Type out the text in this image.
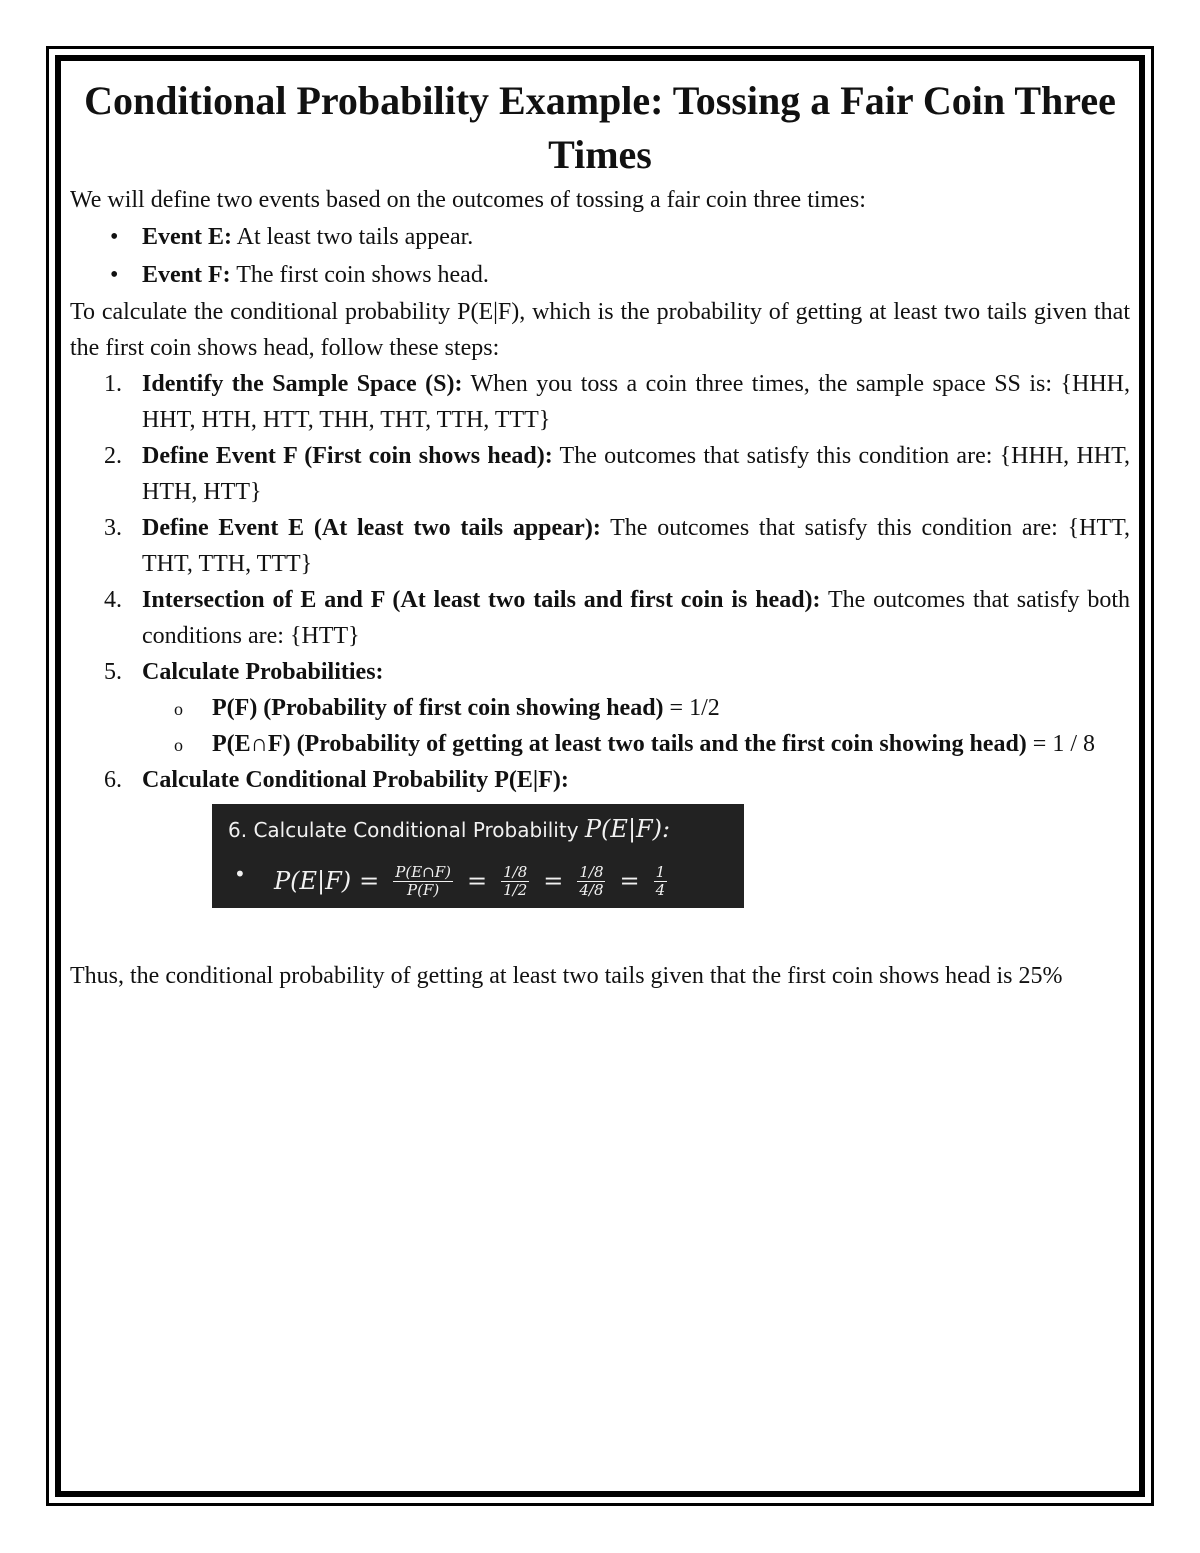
Conditional Probability Example: Tossing a Fair Coin Three Times

We will define two events based on the outcomes of tossing a fair coin three times:

• Event E: At least two tails appear.
• Event F: The first coin shows head.

To calculate the conditional probability P(E|F), which is the probability of getting at least two tails given that the first coin shows head, follow these steps:

1. Identify the Sample Space (S): When you toss a coin three times, the sample space SS is: {HHH, HHT, HTH, HTT, THH, THT, TTH, TTT}
2. Define Event F (First coin shows head): The outcomes that satisfy this condition are: {HHH, HHT, HTH, HTT}
3. Define Event E (At least two tails appear): The outcomes that satisfy this condition are: {HTT, THT, TTH, TTT}
4. Intersection of E and F (At least two tails and first coin is head): The outcomes that satisfy both conditions are: {HTT}
5. Calculate Probabilities:
o P(F) (Probability of first coin showing head) = 1/2
o P(E∩F) (Probability of getting at least two tails and the first coin showing head) = 1 / 8
6. Calculate Conditional Probability P(E|F):
6. Calculate Conditional Probability P(E|F):
• $P(E|F) = \frac{P(E\cap F)}{P(F)} = \frac{1/8}{1/2} = \frac{1/8}{4/8} = \frac{1}{4}$

Thus, the conditional probability of getting at least two tails given that the first coin shows head is 25%
